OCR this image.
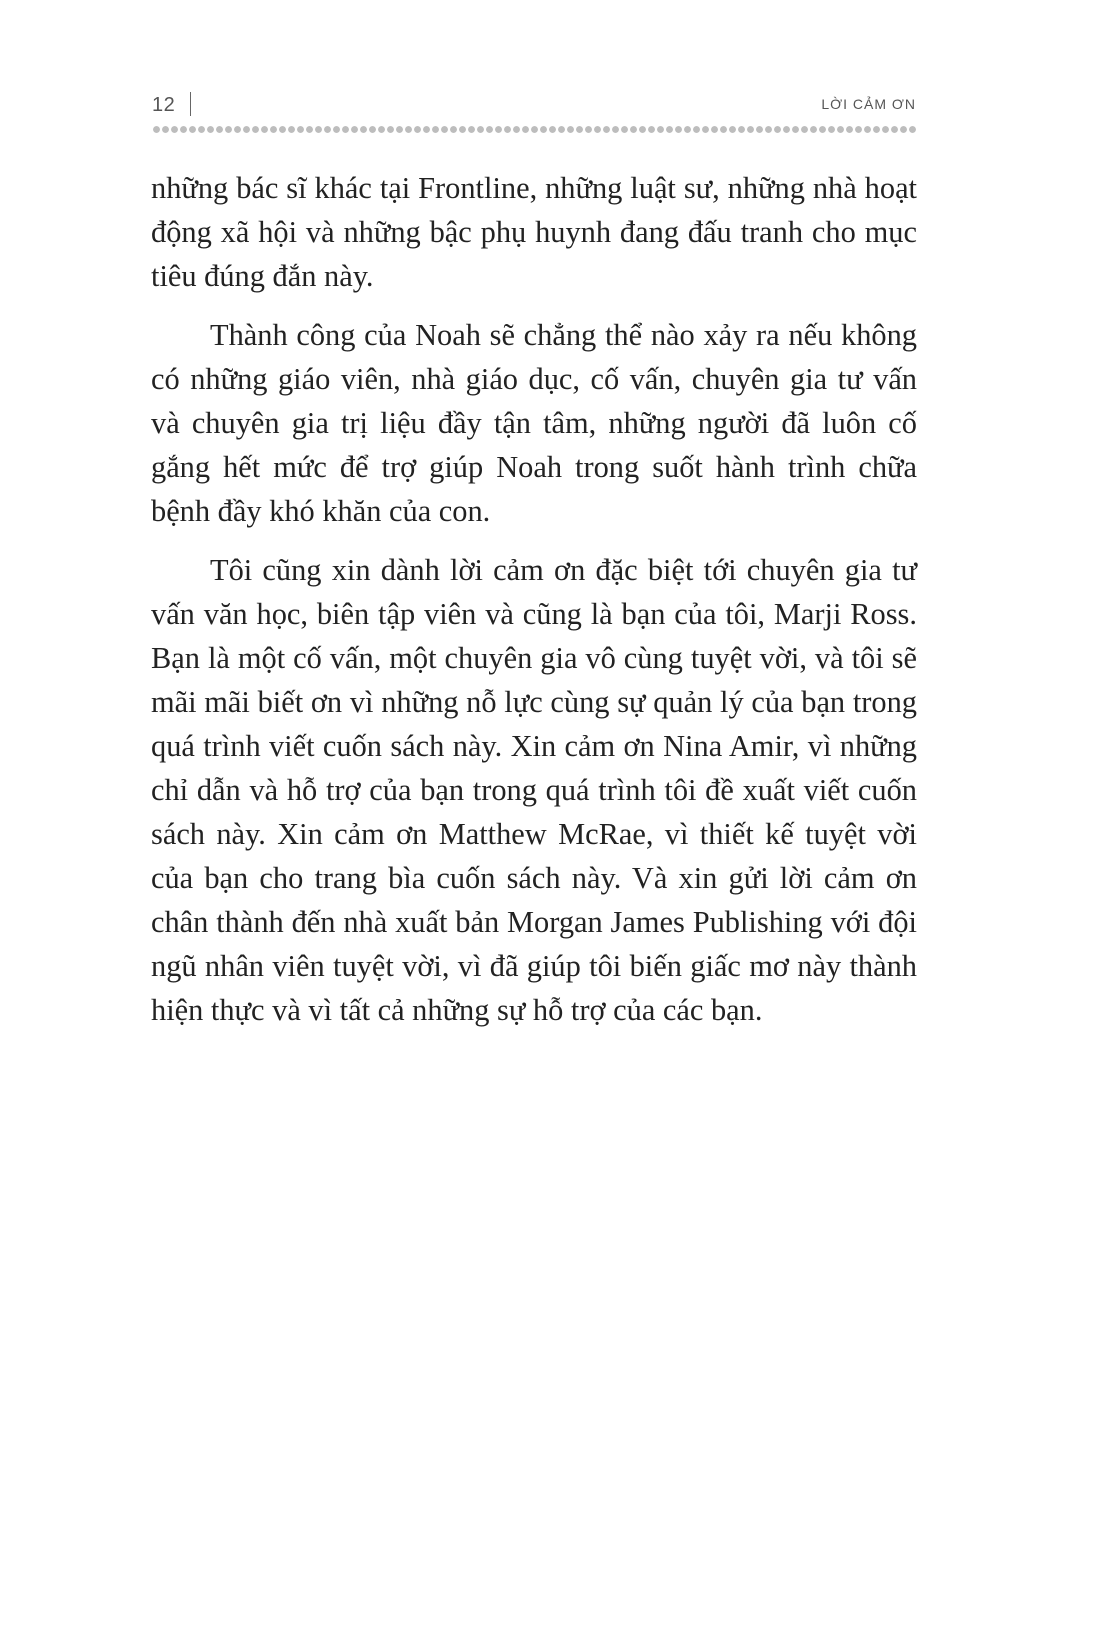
12	LỜI CẢM ƠN

những bác sĩ khác tại Frontline, những luật sư, những nhà hoạt động xã hội và những bậc phụ huynh đang đấu tranh cho mục tiêu đúng đắn này.

Thành công của Noah sẽ chẳng thể nào xảy ra nếu không có những giáo viên, nhà giáo dục, cố vấn, chuyên gia tư vấn và chuyên gia trị liệu đầy tận tâm, những người đã luôn cố gắng hết mức để trợ giúp Noah trong suốt hành trình chữa bệnh đầy khó khăn của con.

Tôi cũng xin dành lời cảm ơn đặc biệt tới chuyên gia tư vấn văn học, biên tập viên và cũng là bạn của tôi, Marji Ross. Bạn là một cố vấn, một chuyên gia vô cùng tuyệt vời, và tôi sẽ mãi mãi biết ơn vì những nỗ lực cùng sự quản lý của bạn trong quá trình viết cuốn sách này. Xin cảm ơn Nina Amir, vì những chỉ dẫn và hỗ trợ của bạn trong quá trình tôi đề xuất viết cuốn sách này. Xin cảm ơn Matthew McRae, vì thiết kế tuyệt vời của bạn cho trang bìa cuốn sách này. Và xin gửi lời cảm ơn chân thành đến nhà xuất bản Morgan James Publishing với đội ngũ nhân viên tuyệt vời, vì đã giúp tôi biến giấc mơ này thành hiện thực và vì tất cả những sự hỗ trợ của các bạn.
